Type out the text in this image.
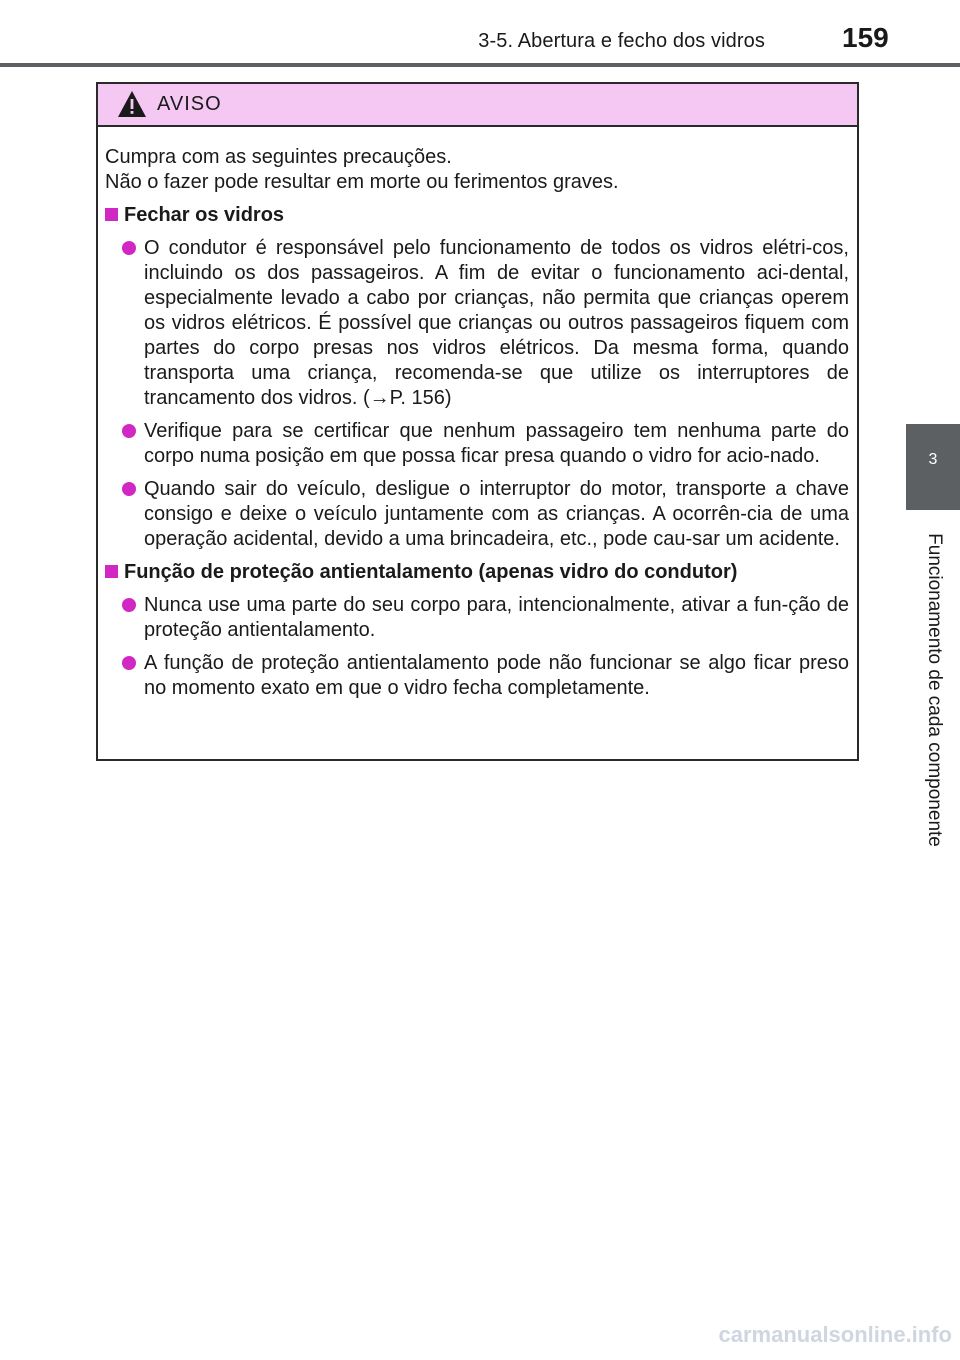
3-5. Abertura e fecho dos vidros	159
3
Funcionamento de cada componente
AVISO

Cumpra com as seguintes precauções.

Não o fazer pode resultar em morte ou ferimentos graves.

Fechar os vidros
O condutor é responsável pelo funcionamento de todos os vidros elétri-cos, incluindo os dos passageiros. A fim de evitar o funcionamento aci-dental, especialmente levado a cabo por crianças, não permita que crianças operem os vidros elétricos. É possível que crianças ou outros passageiros fiquem com partes do corpo presas nos vidros elétricos. Da mesma forma, quando transporta uma criança, recomenda-se que utilize os interruptores de trancamento dos vidros. (→P. 156)
Verifique para se certificar que nenhum passageiro tem nenhuma parte do corpo numa posição em que possa ficar presa quando o vidro for acio-nado.
Quando sair do veículo, desligue o interruptor do motor, transporte a chave consigo e deixe o veículo juntamente com as crianças. A ocorrên-cia de uma operação acidental, devido a uma brincadeira, etc., pode cau-sar um acidente.
Função de proteção antientalamento (apenas vidro do condutor)
Nunca use uma parte do seu corpo para, intencionalmente, ativar a fun-ção de proteção antientalamento.
A função de proteção antientalamento pode não funcionar se algo ficar preso no momento exato em que o vidro fecha completamente.
carmanualsonline.info
